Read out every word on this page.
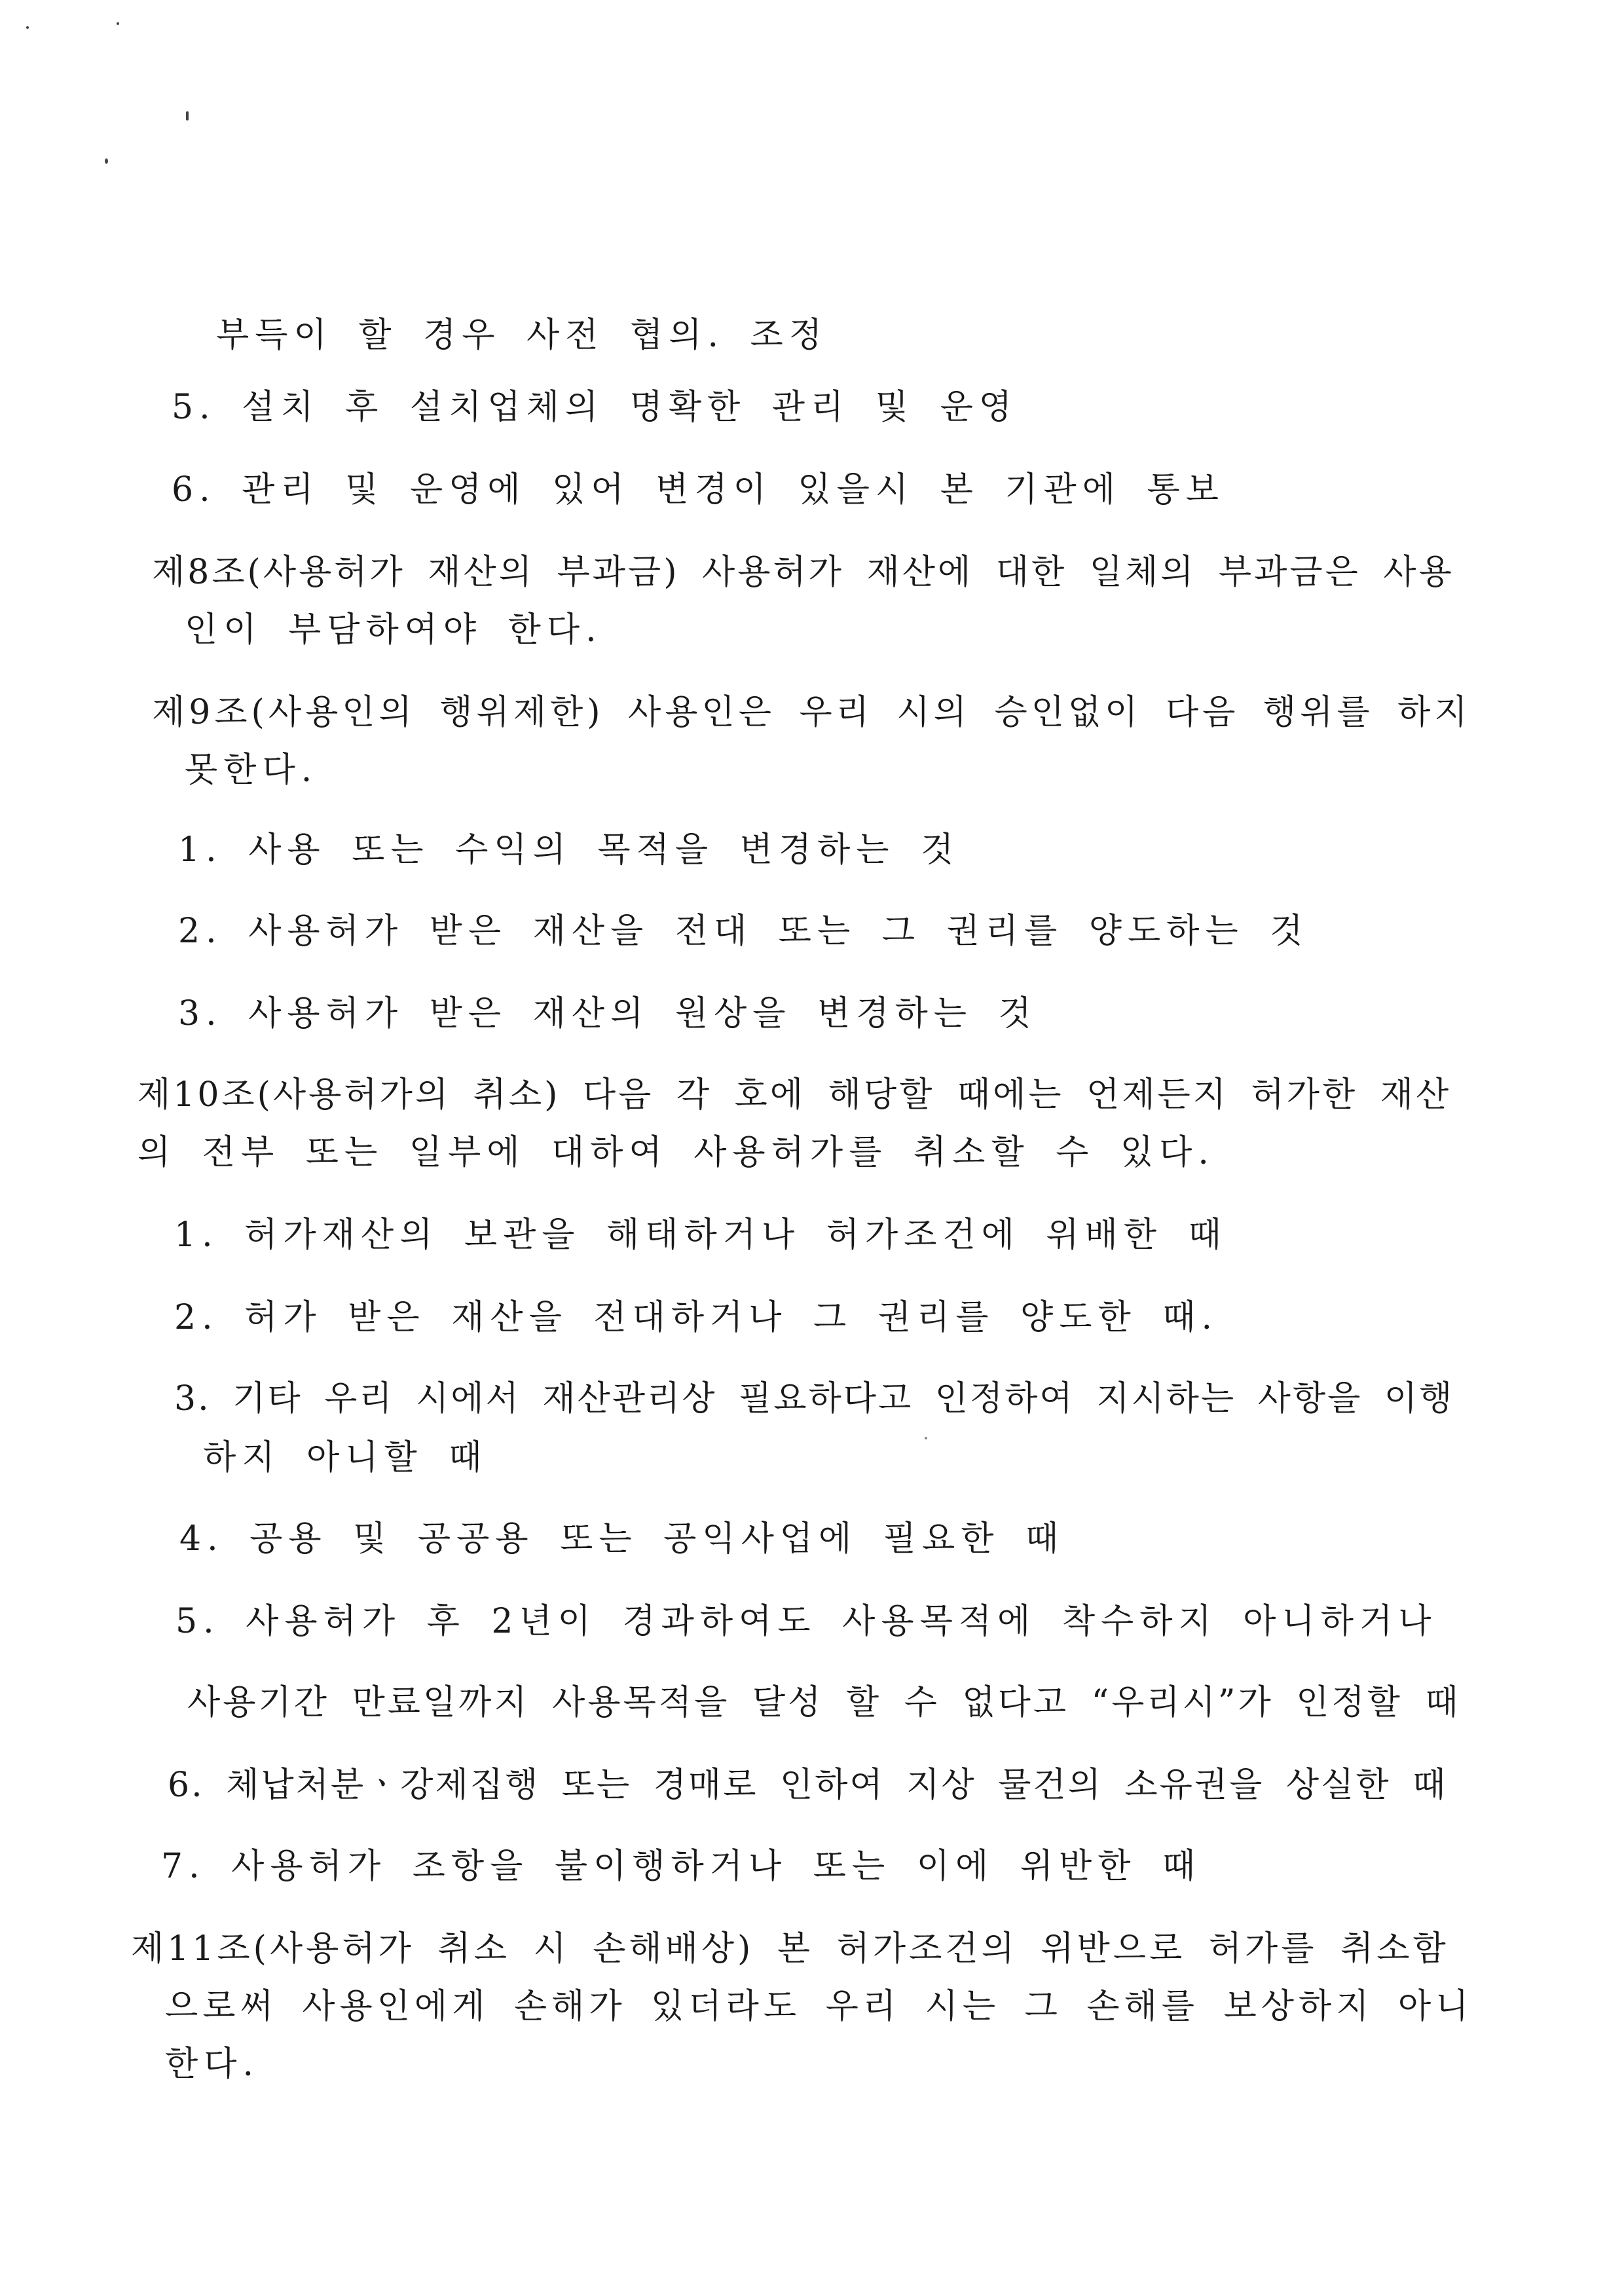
부득이 할 경우 사전 협의. 조정
5. 설치 후 설치업체의 명확한 관리 및 운영
6. 관리 및 운영에 있어 변경이 있을시 본 기관에 통보
제8조(사용허가 재산의 부과금) 사용허가 재산에 대한 일체의 부과금은 사용
인이 부담하여야 한다.
제9조(사용인의 행위제한) 사용인은 우리 시의 승인없이 다음 행위를 하지
못한다.
1. 사용 또는 수익의 목적을 변경하는 것
2. 사용허가 받은 재산을 전대 또는 그 권리를 양도하는 것
3. 사용허가 받은 재산의 원상을 변경하는 것
제10조(사용허가의 취소) 다음 각 호에 해당할 때에는 언제든지 허가한 재산
의 전부 또는 일부에 대하여 사용허가를 취소할 수 있다.
1. 허가재산의 보관을 해태하거나 허가조건에 위배한 때
2. 허가 받은 재산을 전대하거나 그 권리를 양도한 때.
3. 기타 우리 시에서 재산관리상 필요하다고 인정하여 지시하는 사항을 이행
하지 아니할 때
4. 공용 및 공공용 또는 공익사업에 필요한 때
5. 사용허가 후 2년이 경과하여도 사용목적에 착수하지 아니하거나
사용기간 만료일까지 사용목적을 달성 할 수 없다고 “우리시”가 인정할 때
6. 체납처분ㆍ강제집행 또는 경매로 인하여 지상 물건의 소유권을 상실한 때
7. 사용허가 조항을 불이행하거나 또는 이에 위반한 때
제11조(사용허가 취소 시 손해배상) 본 허가조건의 위반으로 허가를 취소함
으로써 사용인에게 손해가 있더라도 우리 시는 그 손해를 보상하지 아니
한다.
